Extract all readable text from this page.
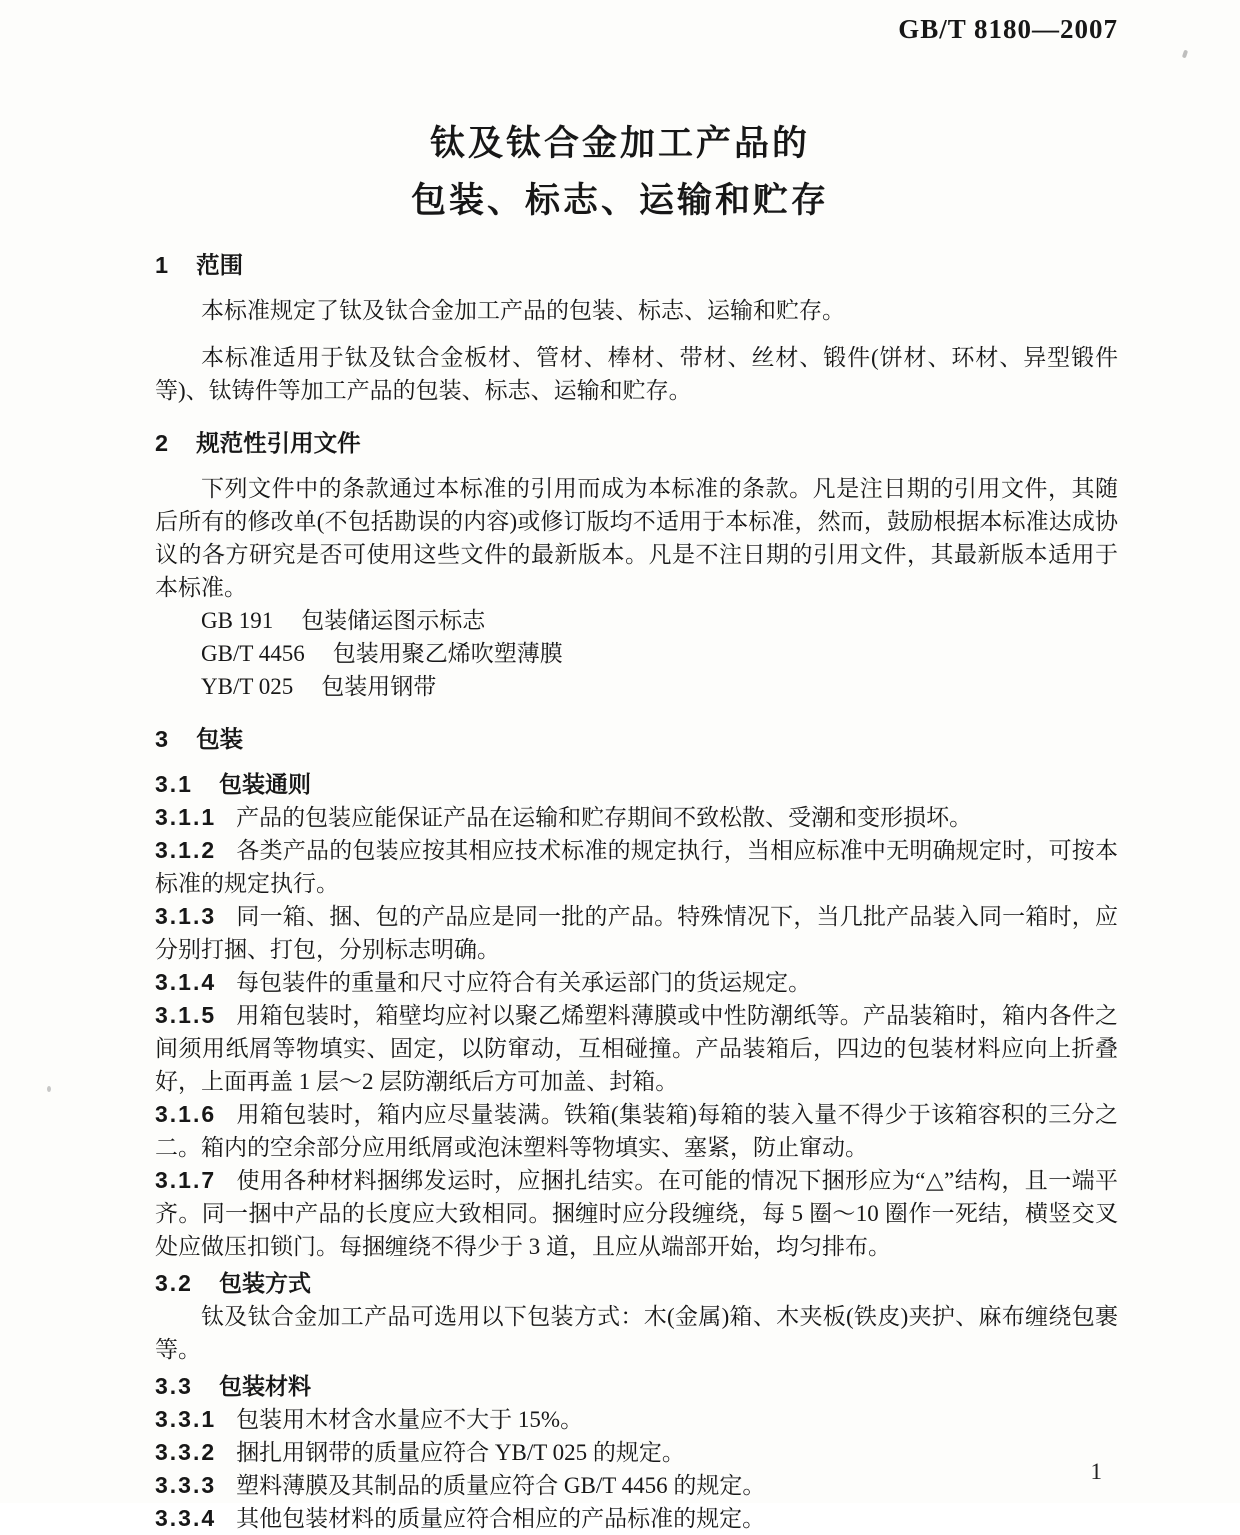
GB/T 8180—2007
钛及钛合金加工产品的
包装、标志、运输和贮存

1 范围

本标准规定了钛及钛合金加工产品的包装、标志、运输和贮存。

本标准适用于钛及钛合金板材、管材、棒材、带材、丝材、锻件(饼材、环材、异型锻件等)、钛铸件等加工产品的包装、标志、运输和贮存。

2 规范性引用文件

下列文件中的条款通过本标准的引用而成为本标准的条款。凡是注日期的引用文件，其随后所有的修改单(不包括勘误的内容)或修订版均不适用于本标准，然而，鼓励根据本标准达成协议的各方研究是否可使用这些文件的最新版本。凡是不注日期的引用文件，其最新版本适用于本标准。

GB 191 包装储运图示标志

GB/T 4456 包装用聚乙烯吹塑薄膜

YB/T 025 包装用钢带

3 包装

3.1 包装通则

3.1.1 产品的包装应能保证产品在运输和贮存期间不致松散、受潮和变形损坏。

3.1.2 各类产品的包装应按其相应技术标准的规定执行，当相应标准中无明确规定时，可按本标准的规定执行。

3.1.3 同一箱、捆、包的产品应是同一批的产品。特殊情况下，当几批产品装入同一箱时，应分别打捆、打包，分别标志明确。

3.1.4 每包装件的重量和尺寸应符合有关承运部门的货运规定。

3.1.5 用箱包装时，箱壁均应衬以聚乙烯塑料薄膜或中性防潮纸等。产品装箱时，箱内各件之间须用纸屑等物填实、固定，以防窜动，互相碰撞。产品装箱后，四边的包装材料应向上折叠好，上面再盖 1 层～2 层防潮纸后方可加盖、封箱。

3.1.6 用箱包装时，箱内应尽量装满。铁箱(集装箱)每箱的装入量不得少于该箱容积的三分之二。箱内的空余部分应用纸屑或泡沫塑料等物填实、塞紧，防止窜动。

3.1.7 使用各种材料捆绑发运时，应捆扎结实。在可能的情况下捆形应为“△”结构，且一端平齐。同一捆中产品的长度应大致相同。捆缠时应分段缠绕，每 5 圈～10 圈作一死结，横竖交叉处应做压扣锁门。每捆缠绕不得少于 3 道，且应从端部开始，均匀排布。

3.2 包装方式

钛及钛合金加工产品可选用以下包装方式：木(金属)箱、木夹板(铁皮)夹护、麻布缠绕包裹等。

3.3 包装材料

3.3.1 包装用木材含水量应不大于 15%。

3.3.2 捆扎用钢带的质量应符合 YB/T 025 的规定。

3.3.3 塑料薄膜及其制品的质量应符合 GB/T 4456 的规定。

3.3.4 其他包装材料的质量应符合相应的产品标准的规定。

1
